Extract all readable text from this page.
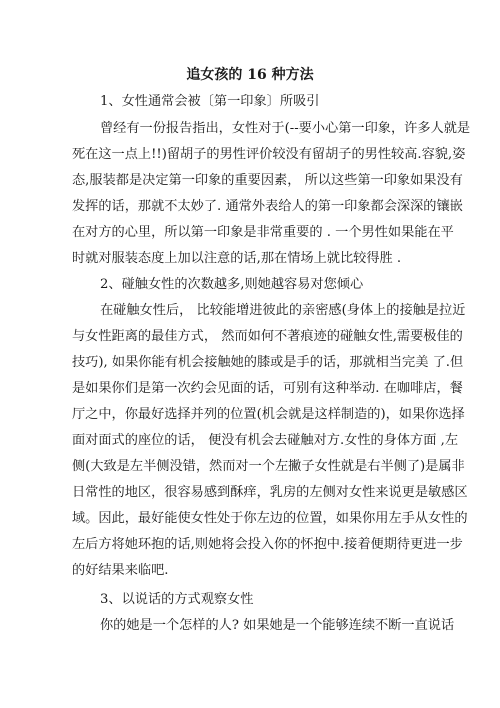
追女孩的 16 种方法
1、女性通常会被〔第一印象〕所吸引
曾经有一份报告指出，女性对于(--要小心第一印象，许多人就是
死在这一点上!!)留胡子的男性评价较没有留胡子的男性较高.容貌,姿
态,服装都是决定第一印象的重要因素， 所以这些第一印象如果没有
发挥的话，那就不太妙了. 通常外表给人的第一印象都会深深的镶嵌
在对方的心里，所以第一印象是非常重要的 . 一个男性如果能在平
时就对服装态度上加以注意的话,那在情场上就比较得胜 .
2、碰触女性的次数越多,则她越容易对您倾心
在碰触女性后， 比较能增进彼此的亲密感(身体上的接触是拉近
与女性距离的最佳方式， 然而如何不著痕迹的碰触女性,需要极佳的
技巧), 如果你能有机会接触她的膝或是手的话，那就相当完美 了.但
是如果你们是第一次约会见面的话，可别有这种举动. 在咖啡店，餐
厅之中，你最好选择并列的位置(机会就是这样制造的)，如果你选择
面对面式的座位的话， 便没有机会去碰触对方.女性的身体方面 ,左
侧(大致是左半侧没错，然而对一个左撇子女性就是右半侧了)是属非
日常性的地区，很容易感到酥痒，乳房的左侧对女性来说更是敏感区
域。因此，最好能使女性处于你左边的位置，如果你用左手从女性的
左后方将她环抱的话,则她将会投入你的怀抱中.接着便期待更进一步
的好结果来临吧.
3、以说话的方式观察女性
你的她是一个怎样的人? 如果她是一个能够连续不断一直说话
